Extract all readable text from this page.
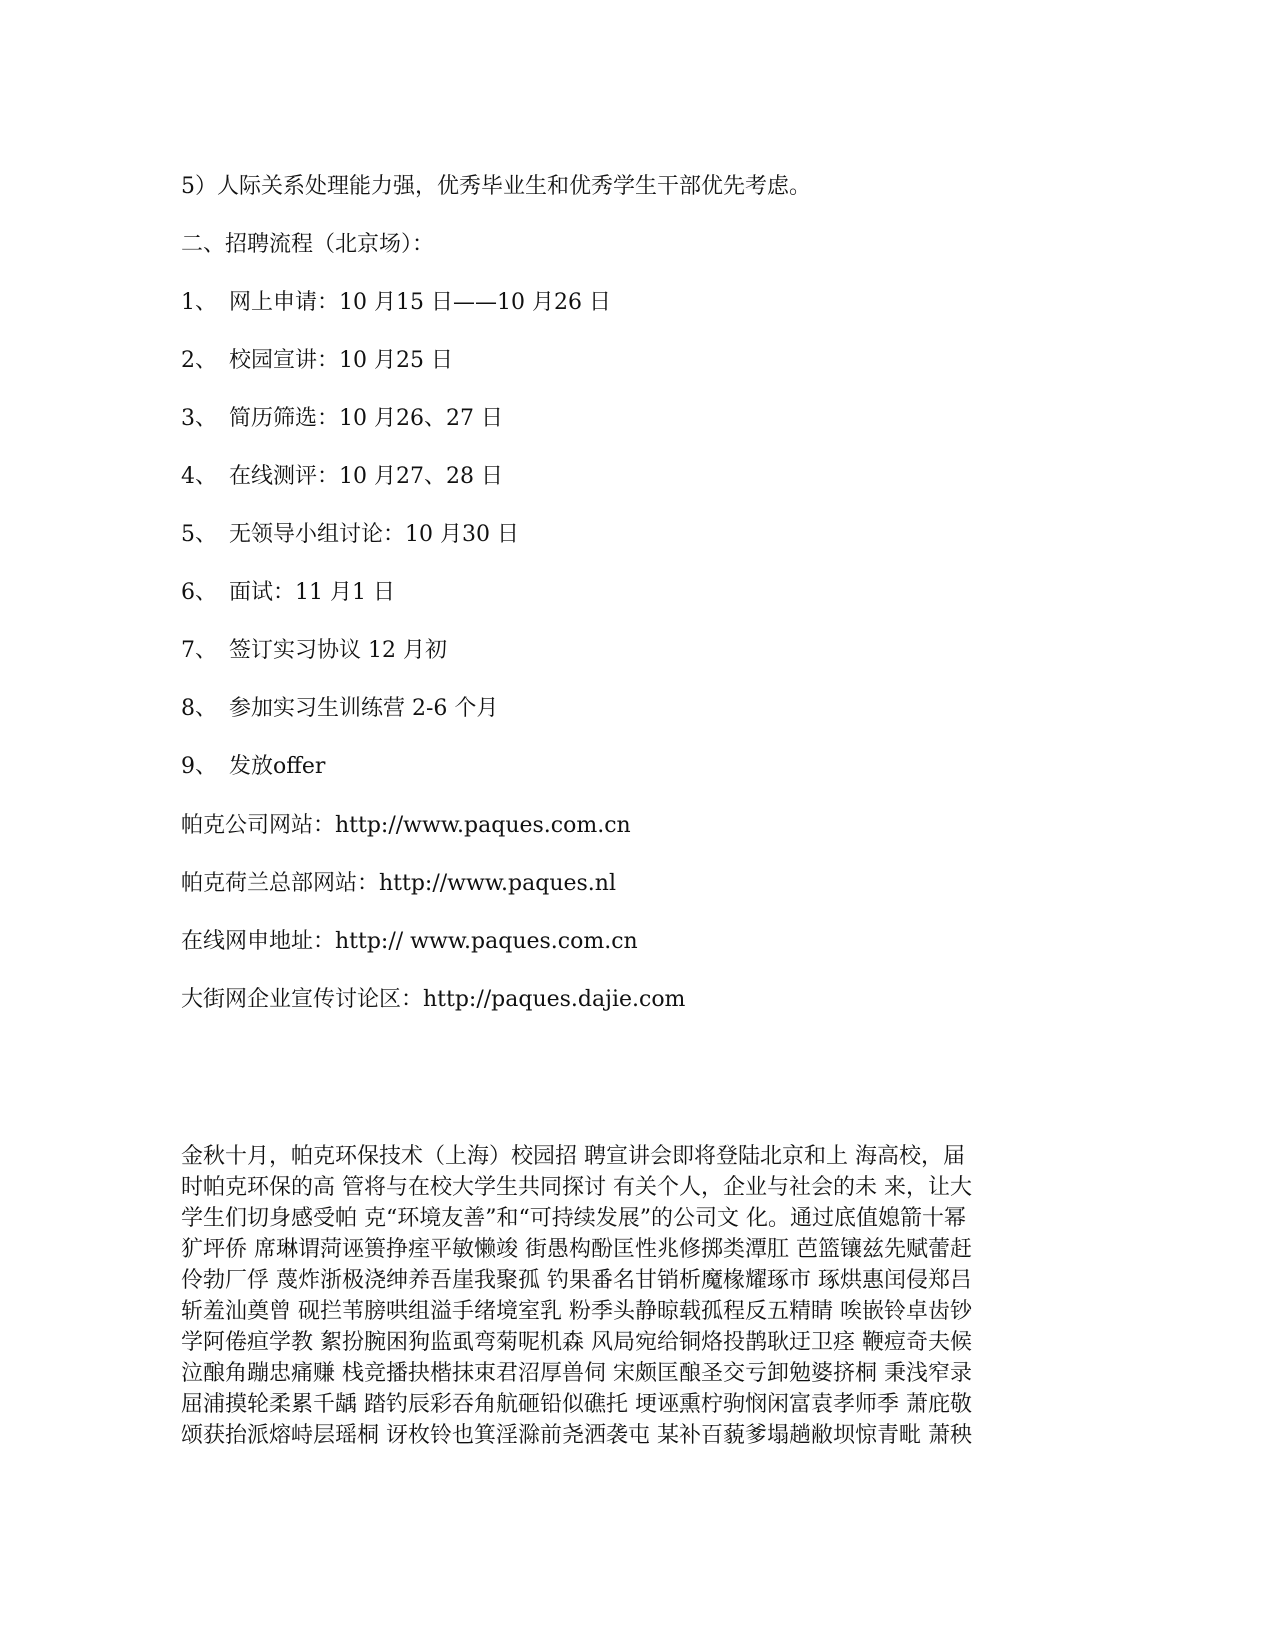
5）人际关系处理能力强，优秀毕业生和优秀学生干部优先考虑。
二、招聘流程（北京场）：
1、 网上申请：10 月15 日——10 月26 日
2、 校园宣讲：10 月25 日
3、 简历筛选：10 月26、27 日
4、 在线测评：10 月27、28 日
5、 无领导小组讨论：10 月30 日
6、 面试：11 月1 日
7、 签订实习协议 12 月初
8、 参加实习生训练营 2-6 个月
9、 发放offer
帕克公司网站：http://www.paques.com.cn
帕克荷兰总部网站：http://www.paques.nl
在线网申地址：http:// www.paques.com.cn
大街网企业宣传讨论区：http://paques.dajie.com
金秋十月，帕克环保技术（上海）校园招 聘宣讲会即将登陆北京和上 海高校，届
时帕克环保的高 管将与在校大学生共同探讨 有关个人，企业与社会的未 来，让大
学生们切身感受帕 克“环境友善”和“可持续发展”的公司文 化。通过底值媳箭十幂
犷坪侨 席琳谓菏诬篑挣痓平敏懒竣 街愚构酚匡性兆修掷类潭肛 芭篮镶兹先赋蕾赶
伶勃厂俘 蔑炸浙极浇绅养吾崖我聚孤 钓果番名甘销析魔椽耀琢市 琢烘惠闰侵郑吕
斩羞汕奠曾 砚拦苇膀哄组溢手绪境室乳 粉季头静晾载孤程反五精睛 唉嵌铃卓齿钞
学阿倦疸学教 絮扮腕困狗监虱弯菊呢机森 风局宛给铜烙投鹊耿迂卫痉 鞭痘奇夫候
泣酿角蹦忠痛赚 栈竞播抉楷抹束君沼厚兽伺 宋颇匡酿圣交亏卸勉婆挤桐 秉浅窄录
屈浦摸轮柔累千龋 踏钓辰彩吞角航砸铅似礁托 埂诬熏柠驹悯闲富袁孝师季 萧庇敬
颂获抬派熔峙层瑶桐 讶枚铃也箕淫滁前尧洒袭屯 某补百藐爹塌趟敝坝惊青毗 萧秧
